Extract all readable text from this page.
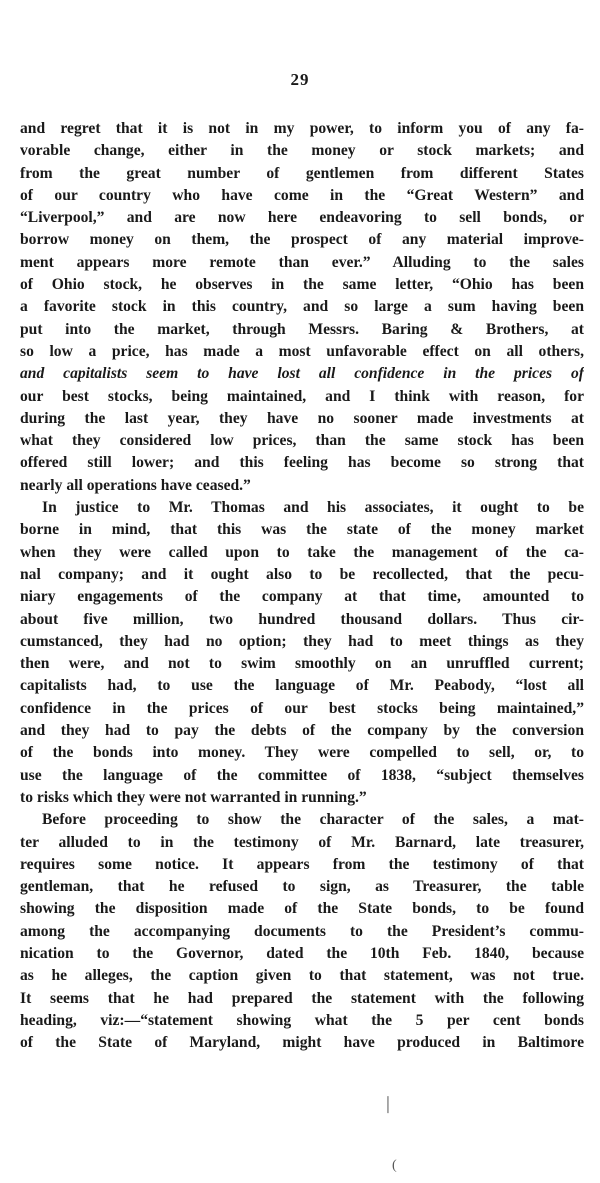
29
and regret that it is not in my power, to inform you of any fa-
vorable change, either in the money or stock markets; and
from the great number of gentlemen from different States
of our country who have come in the “Great Western” and
“Liverpool,” and are now here endeavoring to sell bonds, or
borrow money on them, the prospect of any material improve-
ment appears more remote than ever.” Alluding to the sales
of Ohio stock, he observes in the same letter, “Ohio has been
a favorite stock in this country, and so large a sum having been
put into the market, through Messrs. Baring & Brothers, at
so low a price, has made a most unfavorable effect on all others,
and capitalists seem to have lost all confidence in the prices of
our best stocks, being maintained, and I think with reason, for
during the last year, they have no sooner made investments at
what they considered low prices, than the same stock has been
offered still lower; and this feeling has become so strong that
nearly all operations have ceased.”
In justice to Mr. Thomas and his associates, it ought to be
borne in mind, that this was the state of the money market
when they were called upon to take the management of the ca-
nal company; and it ought also to be recollected, that the pecu-
niary engagements of the company at that time, amounted to
about five million, two hundred thousand dollars. Thus cir-
cumstanced, they had no option; they had to meet things as they
then were, and not to swim smoothly on an unruffled current;
capitalists had, to use the language of Mr. Peabody, “lost all
confidence in the prices of our best stocks being maintained,”
and they had to pay the debts of the company by the conversion
of the bonds into money. They were compelled to sell, or, to
use the language of the committee of 1838, “subject themselves
to risks which they were not warranted in running.”
Before proceeding to show the character of the sales, a mat-
ter alluded to in the testimony of Mr. Barnard, late treasurer,
requires some notice. It appears from the testimony of that
gentleman, that he refused to sign, as Treasurer, the table
showing the disposition made of the State bonds, to be found
among the accompanying documents to the President’s commu-
nication to the Governor, dated the 10th Feb. 1840, because
as he alleges, the caption given to that statement, was not true.
It seems that he had prepared the statement with the following
heading, viz:—“statement showing what the 5 per cent bonds
of the State of Maryland, might have produced in Baltimore
│
(
